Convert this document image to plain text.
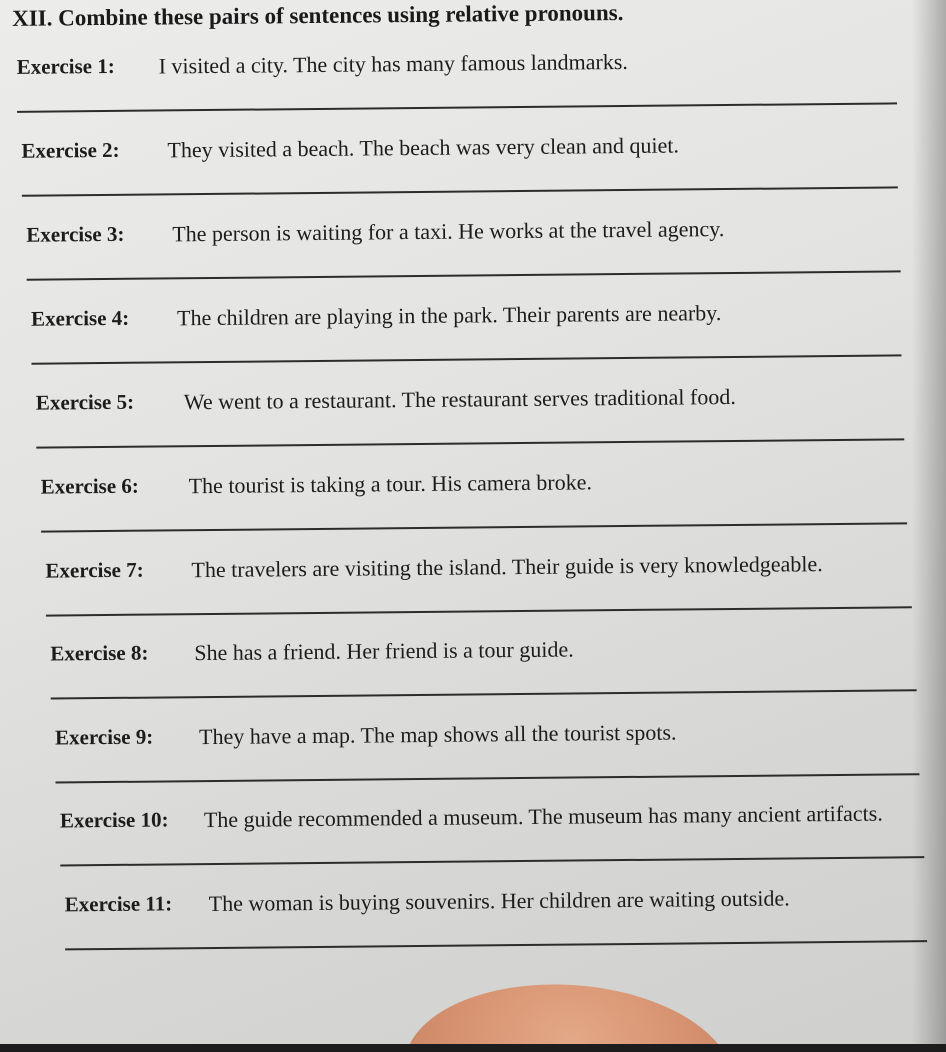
XII. Combine these pairs of sentences using relative pronouns.
Exercise 1: I visited a city. The city has many famous landmarks.
Exercise 2: They visited a beach. The beach was very clean and quiet.
Exercise 3: The person is waiting for a taxi. He works at the travel agency.
Exercise 4: The children are playing in the park. Their parents are nearby.
Exercise 5: We went to a restaurant. The restaurant serves traditional food.
Exercise 6: The tourist is taking a tour. His camera broke.
Exercise 7: The travelers are visiting the island. Their guide is very knowledgeable.
Exercise 8: She has a friend. Her friend is a tour guide.
Exercise 9: They have a map. The map shows all the tourist spots.
Exercise 10: The guide recommended a museum. The museum has many ancient artifacts.
Exercise 11: The woman is buying souvenirs. Her children are waiting outside.
